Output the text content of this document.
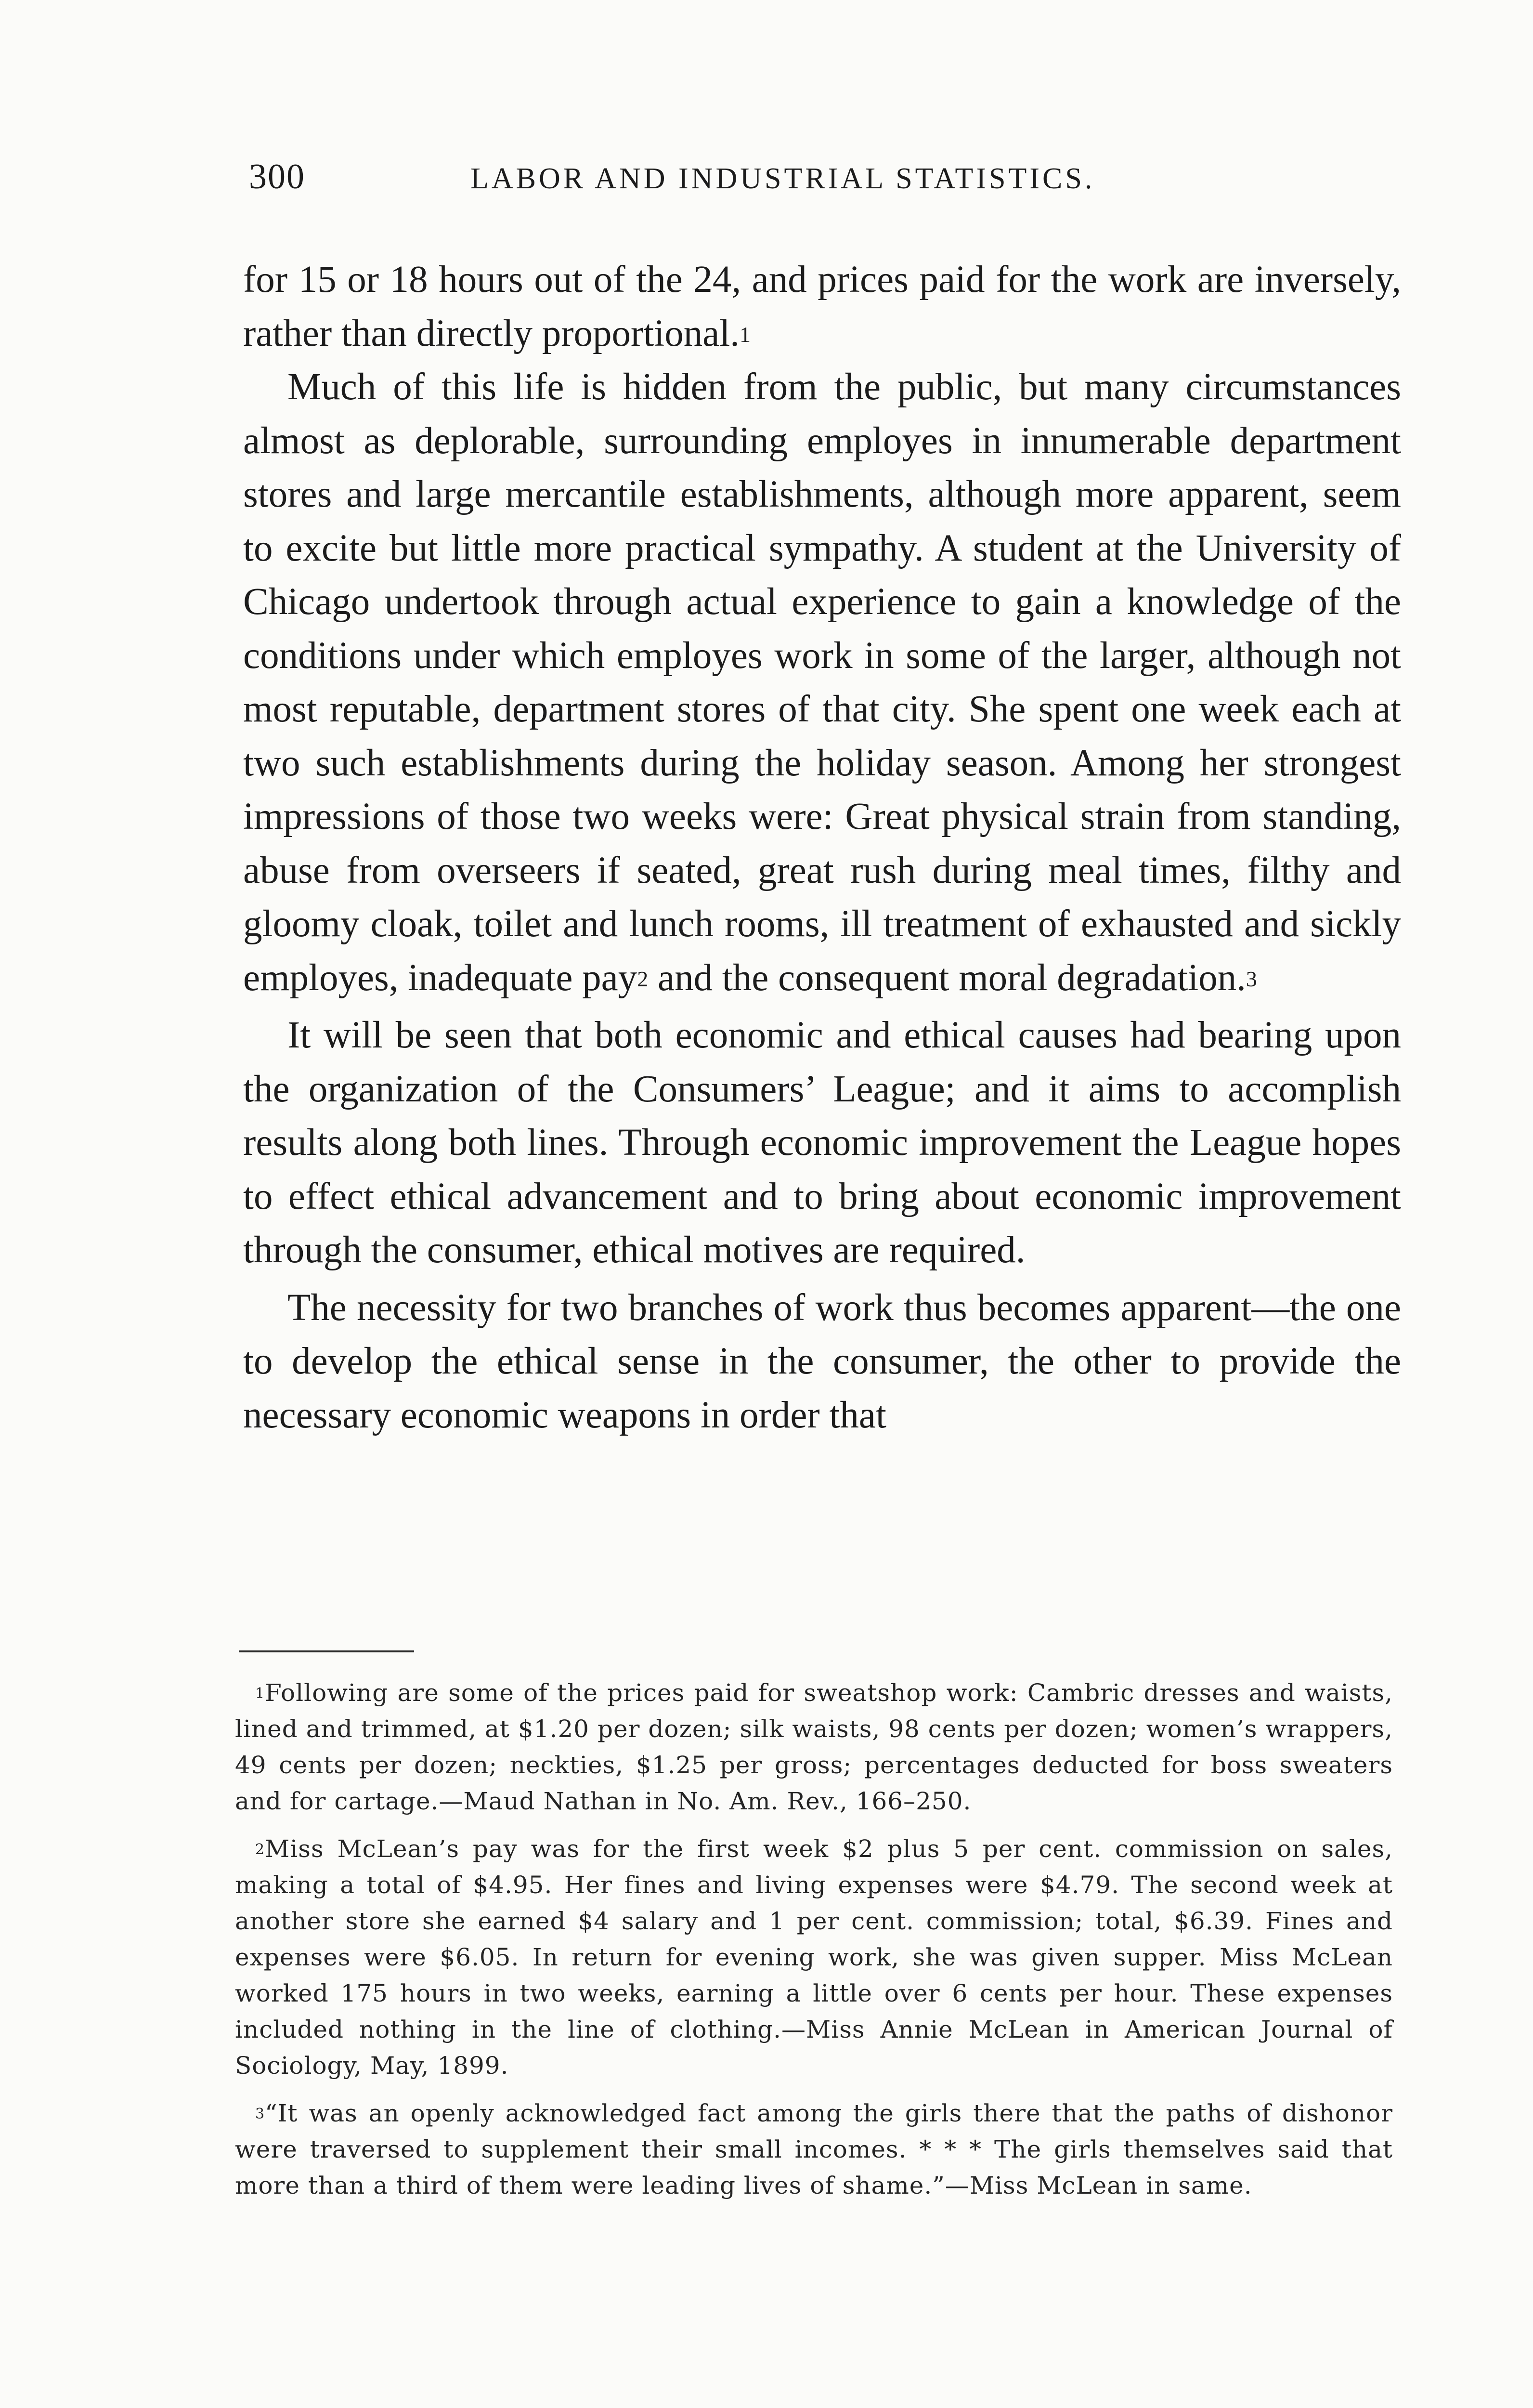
300	LABOR AND INDUSTRIAL STATISTICS.

for 15 or 18 hours out of the 24, and prices paid for the work are inversely, rather than directly proportional.$^1$

Much of this life is hidden from the public, but many circumstances almost as deplorable, surrounding employes in innumerable department stores and large mercantile establishments, although more apparent, seem to excite but little more practical sympathy. A student at the University of Chicago undertook through actual experience to gain a knowledge of the conditions under which employes work in some of the larger, although not most reputable, department stores of that city. She spent one week each at two such establishments during the holiday season. Among her strongest impressions of those two weeks were: Great physical strain from standing, abuse from overseers if seated, great rush during meal times, filthy and gloomy cloak, toilet and lunch rooms, ill treatment of exhausted and sickly employes, inadequate pay$^2$ and the consequent moral degradation.$^3$

It will be seen that both economic and ethical causes had bearing upon the organization of the Consumers’ League; and it aims to accomplish results along both lines. Through economic improvement the League hopes to effect ethical advancement and to bring about economic improvement through the consumer, ethical motives are required.

The necessity for two branches of work thus becomes apparent—the one to develop the ethical sense in the consumer, the other to provide the necessary economic weapons in order that

$^1$Following are some of the prices paid for sweatshop work: Cambric dresses and waists, lined and trimmed, at $1.20 per dozen; silk waists, 98 cents per dozen; women’s wrappers, 49 cents per dozen; neckties, $1.25 per gross; percentages deducted for boss sweaters and for cartage.—Maud Nathan in No. Am. Rev., 166–250.

$^2$Miss McLean’s pay was for the first week $2 plus 5 per cent. commission on sales, making a total of $4.95. Her fines and living expenses were $4.79. The second week at another store she earned $4 salary and 1 per cent. commission; total, $6.39. Fines and expenses were $6.05. In return for evening work, she was given supper. Miss McLean worked 175 hours in two weeks, earning a little over 6 cents per hour. These expenses included nothing in the line of clothing.—Miss Annie McLean in American Journal of Sociology, May, 1899.

$^3$“It was an openly acknowledged fact among the girls there that the paths of dishonor were traversed to supplement their small incomes. * * * The girls themselves said that more than a third of them were leading lives of shame.”—Miss McLean in same.
